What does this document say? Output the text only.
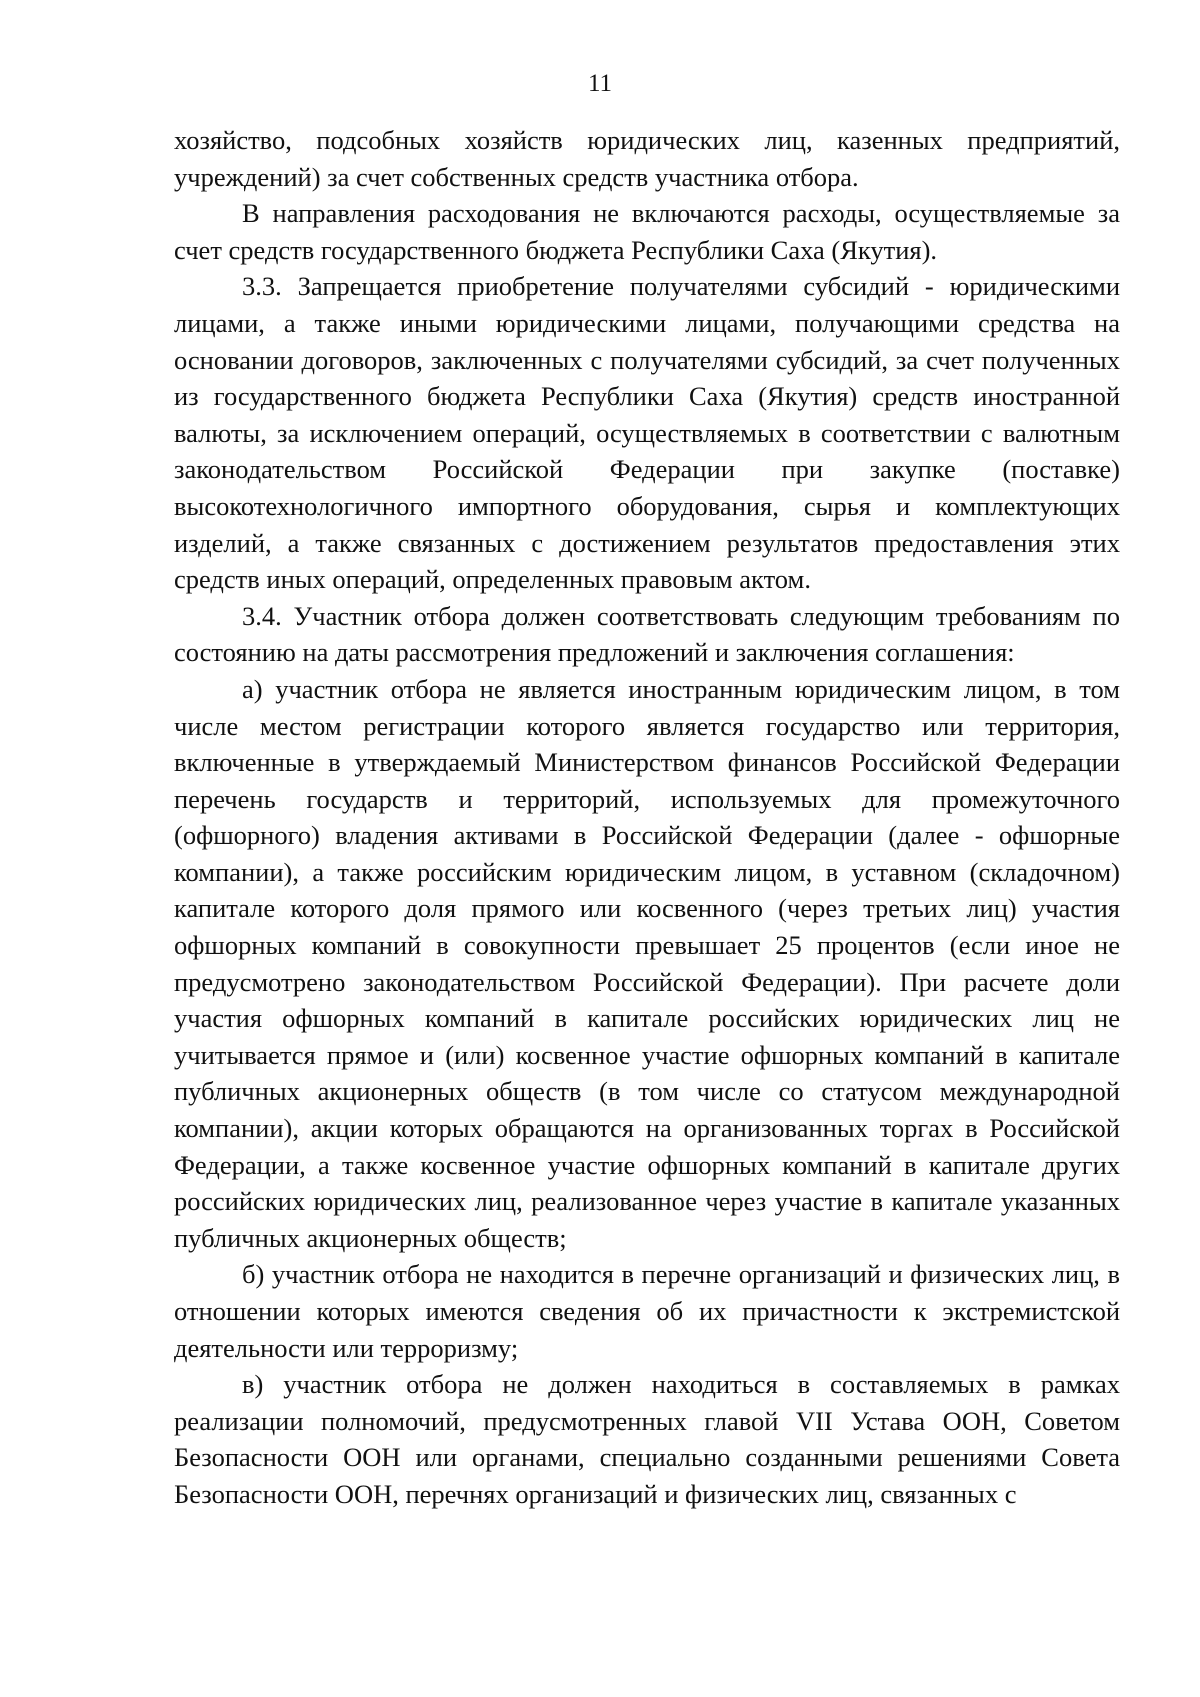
11

хозяйство, подсобных хозяйств юридических лиц, казенных предприятий, учреждений) за счет собственных средств участника отбора.

В направления расходования не включаются расходы, осуществляемые за счет средств государственного бюджета Республики Саха (Якутия).

3.3. Запрещается приобретение получателями субсидий - юридическими лицами, а также иными юридическими лицами, получающими средства на основании договоров, заключенных с получателями субсидий, за счет полученных из государственного бюджета Республики Саха (Якутия) средств иностранной валюты, за исключением операций, осуществляемых в соответствии с валютным законодательством Российской Федерации при закупке (поставке) высокотехнологичного импортного оборудования, сырья и комплектующих изделий, а также связанных с достижением результатов предоставления этих средств иных операций, определенных правовым актом.

3.4. Участник отбора должен соответствовать следующим требованиям по состоянию на даты рассмотрения предложений и заключения соглашения:

а) участник отбора не является иностранным юридическим лицом, в том числе местом регистрации которого является государство или территория, включенные в утверждаемый Министерством финансов Российской Федерации перечень государств и территорий, используемых для промежуточного (офшорного) владения активами в Российской Федерации (далее - офшорные компании), а также российским юридическим лицом, в уставном (складочном) капитале которого доля прямого или косвенного (через третьих лиц) участия офшорных компаний в совокупности превышает 25 процентов (если иное не предусмотрено законодательством Российской Федерации). При расчете доли участия офшорных компаний в капитале российских юридических лиц не учитывается прямое и (или) косвенное участие офшорных компаний в капитале публичных акционерных обществ (в том числе со статусом международной компании), акции которых обращаются на организованных торгах в Российской Федерации, а также косвенное участие офшорных компаний в капитале других российских юридических лиц, реализованное через участие в капитале указанных публичных акционерных обществ;

б) участник отбора не находится в перечне организаций и физических лиц, в отношении которых имеются сведения об их причастности к экстремистской деятельности или терроризму;

в) участник отбора не должен находиться в составляемых в рамках реализации полномочий, предусмотренных главой VII Устава ООН, Советом Безопасности ООН или органами, специально созданными решениями Совета Безопасности ООН, перечнях организаций и физических лиц, связанных с
